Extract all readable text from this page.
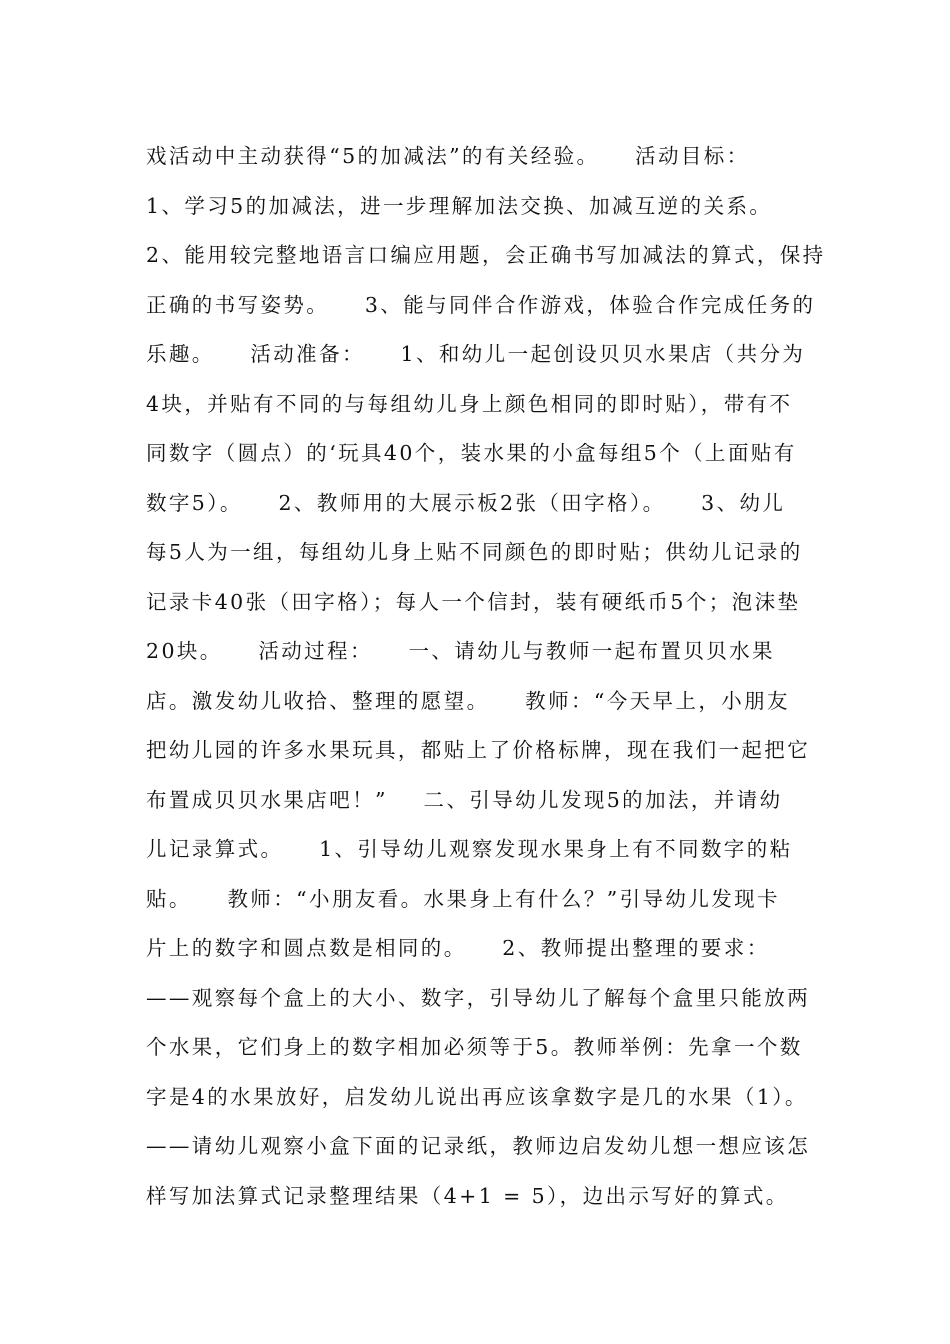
戏活动中主动获得“5的加减法”的有关经验。    活动目标：
1、学习5的加减法，进一步理解加法交换、加减互逆的关系。
2、能用较完整地语言口编应用题，会正确书写加减法的算式，保持
正确的书写姿势。    3、能与同伴合作游戏，体验合作完成任务的
乐趣。    活动准备：    1、和幼儿一起创设贝贝水果店（共分为
4块，并贴有不同的与每组幼儿身上颜色相同的即时贴），带有不
同数字（圆点）的‘玩具40个，装水果的小盒每组5个（上面贴有
数字5）。    2、教师用的大展示板2张（田字格）。    3、幼儿
每5人为一组，每组幼儿身上贴不同颜色的即时贴；供幼儿记录的
记录卡40张（田字格）；每人一个信封，装有硬纸币5个；泡沫垫
20块。    活动过程：    一、请幼儿与教师一起布置贝贝水果
店。激发幼儿收拾、整理的愿望。    教师：“今天早上，小朋友
把幼儿园的许多水果玩具，都贴上了价格标牌，现在我们一起把它
布置成贝贝水果店吧！”    二、引导幼儿发现5的加法，并请幼
儿记录算式。    1、引导幼儿观察发现水果身上有不同数字的粘
贴。    教师：“小朋友看。水果身上有什么？”引导幼儿发现卡
片上的数字和圆点数是相同的。    2、教师提出整理的要求：
——观察每个盒上的大小、数字，引导幼儿了解每个盒里只能放两
个水果，它们身上的数字相加必须等于5。教师举例：先拿一个数
字是4的水果放好，启发幼儿说出再应该拿数字是几的水果（1）。
——请幼儿观察小盒下面的记录纸，教师边启发幼儿想一想应该怎
样写加法算式记录整理结果（4+1 = 5），边出示写好的算式。
